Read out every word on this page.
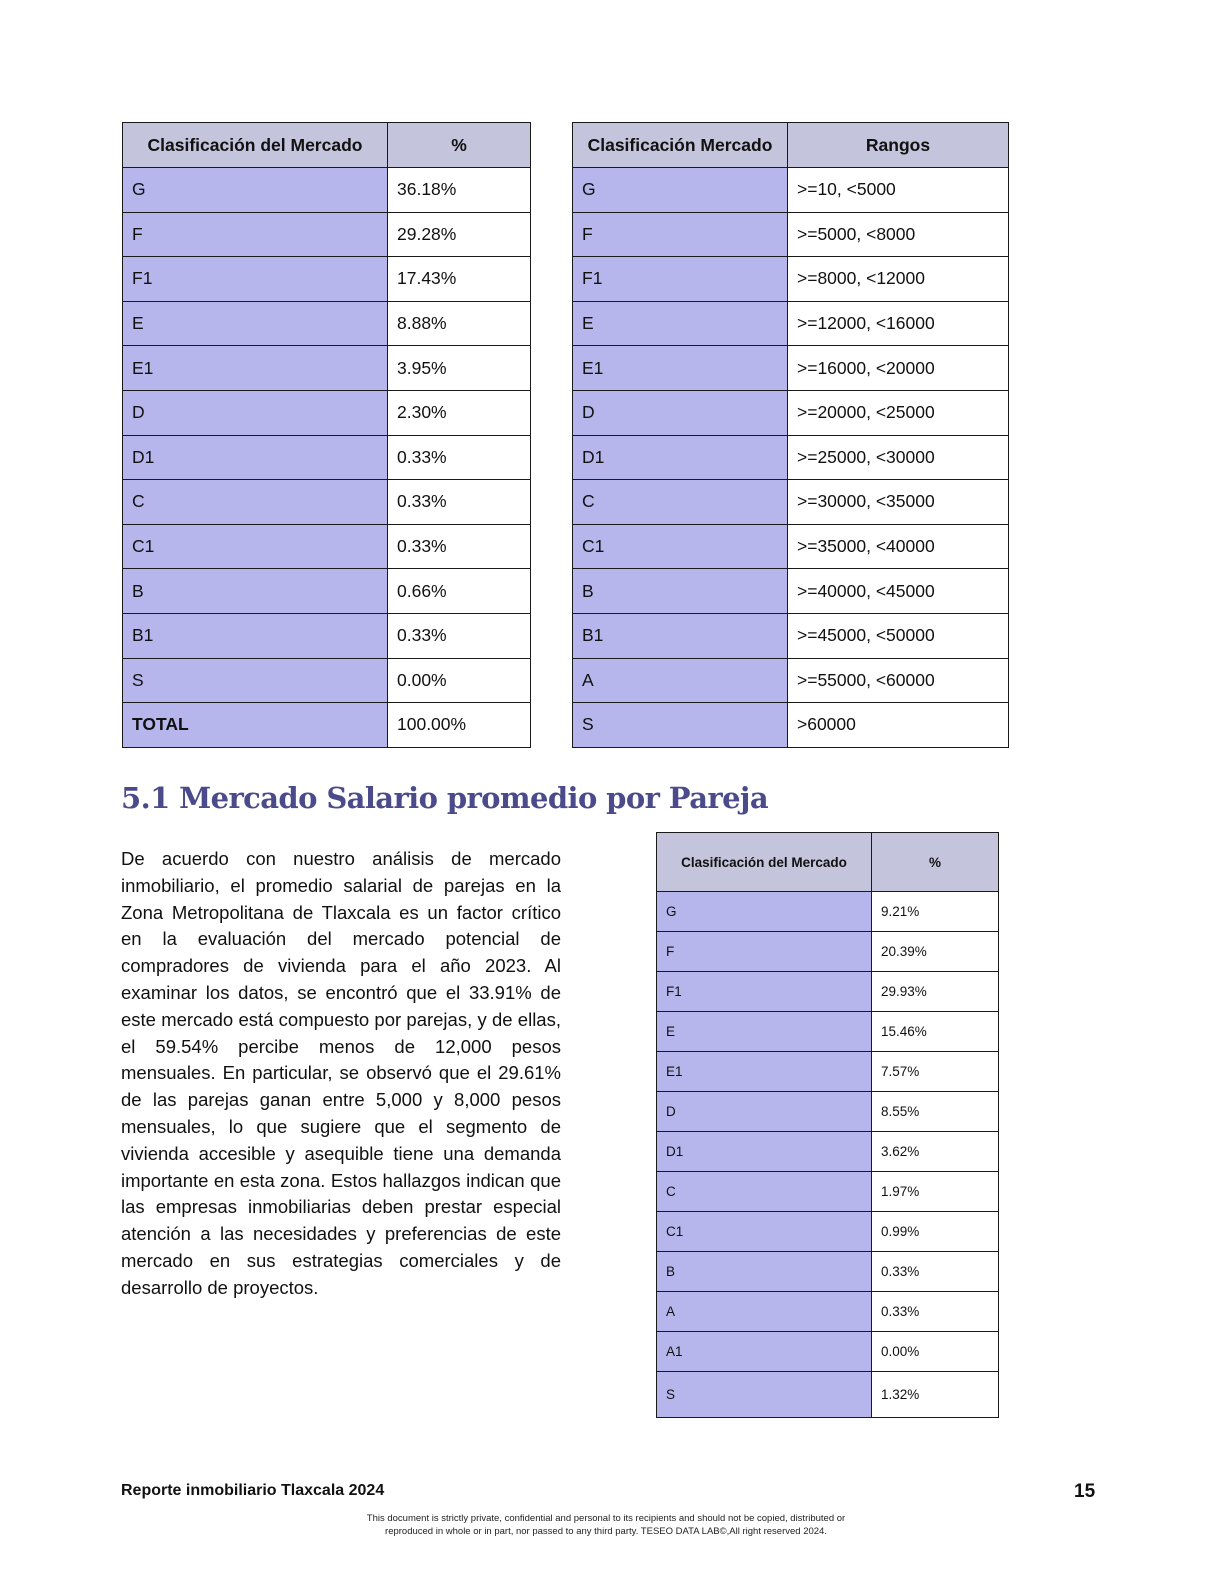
Clasificación del Mercado	%
G	36.18%
F	29.28%
F1	17.43%
E	8.88%
E1	3.95%
D	2.30%
D1	0.33%
C	0.33%
C1	0.33%
B	0.66%
B1	0.33%
S	0.00%
TOTAL	100.00%
Clasificación Mercado	Rangos
G	>=10, <5000
F	>=5000, <8000
F1	>=8000, <12000
E	>=12000, <16000
E1	>=16000, <20000
D	>=20000, <25000
D1	>=25000, <30000
C	>=30000, <35000
C1	>=35000, <40000
B	>=40000, <45000
B1	>=45000, <50000
A	>=55000, <60000
S	>60000
5.1 Mercado Salario promedio por Pareja

De acuerdo con nuestro análisis de mercado inmobiliario, el promedio salarial de parejas en la Zona Metropolitana de Tlaxcala es un factor crítico en la evaluación del mercado potencial de compradores de vivienda para el año 2023. Al examinar los datos, se encontró que el 33.91% de este mercado está compuesto por parejas, y de ellas, el 59.54% percibe menos de 12,000 pesos mensuales. En particular, se observó que el 29.61% de las parejas ganan entre 5,000 y 8,000 pesos mensuales, lo que sugiere que el segmento de vivienda accesible y asequible tiene una demanda importante en esta zona. Estos hallazgos indican que las empresas inmobiliarias deben prestar especial atención a las necesidades y preferencias de este mercado en sus estrategias comerciales y de desarrollo de proyectos.

Clasificación del Mercado	%
G	9.21%
F	20.39%
F1	29.93%
E	15.46%
E1	7.57%
D	8.55%
D1	3.62%
C	1.97%
C1	0.99%
B	0.33%
A	0.33%
A1	0.00%
S	1.32%
Reporte inmobiliario Tlaxcala 2024	15
This document is strictly private, confidential and personal to its recipients and should not be copied, distributed or
reproduced in whole or in part, nor passed to any third party. TESEO DATA LAB©,All right reserved 2024.
